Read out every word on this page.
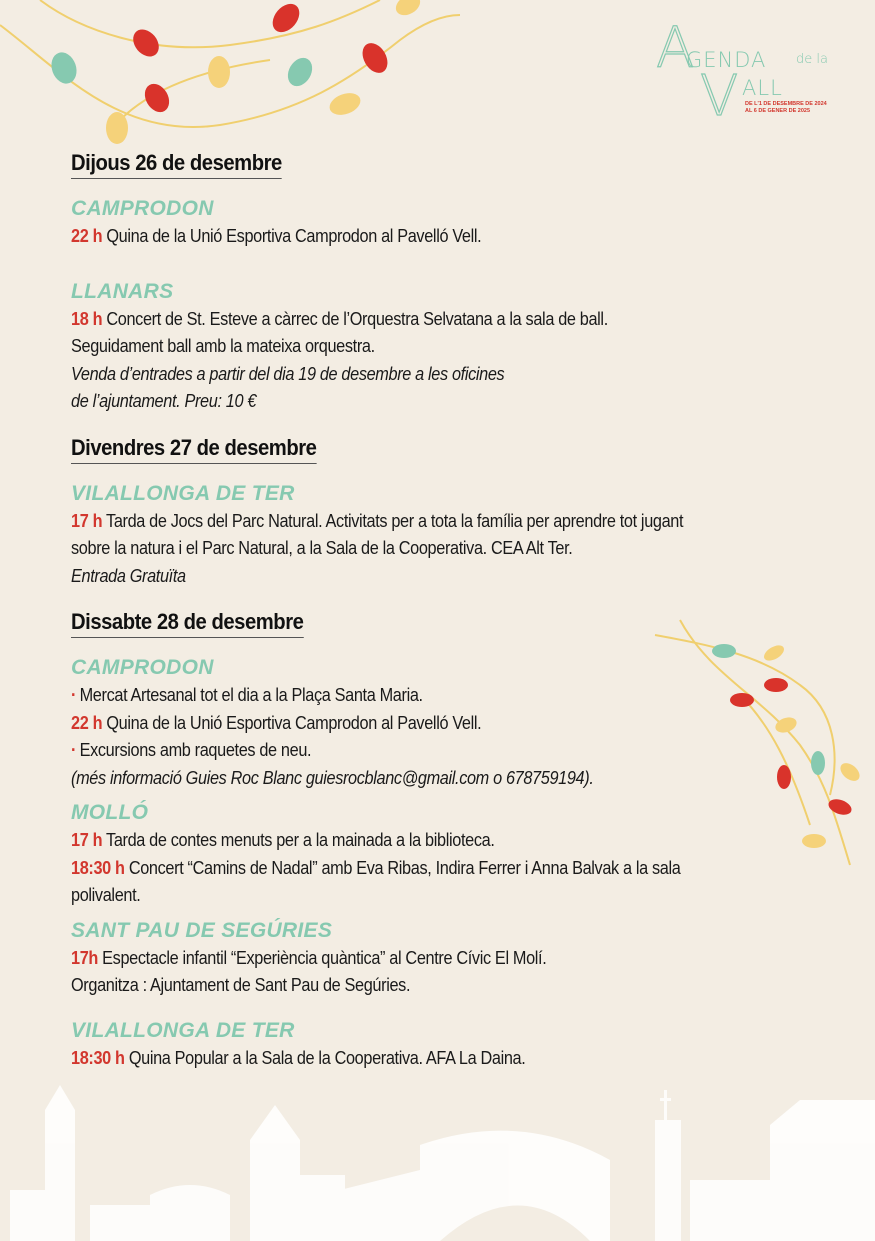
A
GENDA de la
V ALL
DE L'1 DE DESEMBRE DE 2024
AL 6 DE GENER DE 2025
Dijous 26 de desembre

CAMPRODON

22 h Quina de la Unió Esportiva Camprodon al Pavelló Vell.

LLANARS

18 h Concert de St. Esteve a càrrec de l’Orquestra Selvatana a la sala de ball.

Seguidament ball amb la mateixa orquestra.

Venda d’entrades a partir del dia 19 de desembre a les oficines

de l’ajuntament. Preu: 10 €

Divendres 27 de desembre

VILALLONGA DE TER

17 h Tarda de Jocs del Parc Natural. Activitats per a tota la família per aprendre tot jugant

sobre la natura i el Parc Natural, a la Sala de la Cooperativa. CEA Alt Ter.

Entrada Gratuïta

Dissabte 28 de desembre

CAMPRODON

· Mercat Artesanal tot el dia a la Plaça Santa Maria.

22 h Quina de la Unió Esportiva Camprodon al Pavelló Vell.

· Excursions amb raquetes de neu.

(més informació Guies Roc Blanc guiesrocblanc@gmail.com o 678759194).

MOLLÓ

17 h Tarda de contes menuts per a la mainada a la biblioteca.

18:30 h Concert “Camins de Nadal” amb Eva Ribas, Indira Ferrer i Anna Balvak a la sala

polivalent.

SANT PAU DE SEGÚRIES

17h Espectacle infantil “Experiència quàntica” al Centre Cívic El Molí.

Organitza : Ajuntament de Sant Pau de Segúries.

VILALLONGA DE TER

18:30 h Quina Popular a la Sala de la Cooperativa. AFA La Daina.
